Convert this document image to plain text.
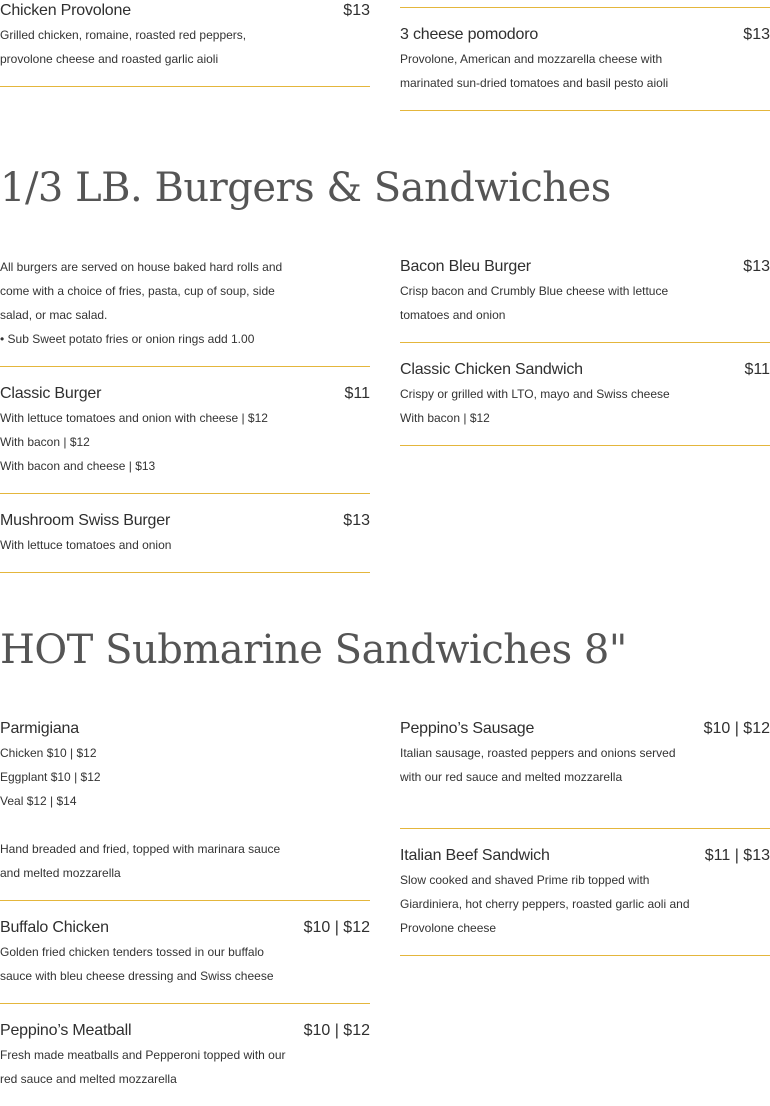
Chicken Provolone	$13

Grilled chicken, romaine, roasted red peppers,

provolone cheese and roasted garlic aioli

3 cheese pomodoro	$13

Provolone, American and mozzarella cheese with

marinated sun-dried tomatoes and basil pesto aioli

1/3 LB. Burgers & Sandwiches

All burgers are served on house baked hard rolls and

come with a choice of fries, pasta, cup of soup, side

salad, or mac salad.

• Sub Sweet potato fries or onion rings add 1.00

Classic Burger	$11

With lettuce tomatoes and onion with cheese | $12

With bacon | $12

With bacon and cheese | $13

Mushroom Swiss Burger	$13

With lettuce tomatoes and onion

Bacon Bleu Burger	$13

Crisp bacon and Crumbly Blue cheese with lettuce

tomatoes and onion

Classic Chicken Sandwich	$11

Crispy or grilled with LTO, mayo and Swiss cheese

With bacon | $12

HOT Submarine Sandwiches 8"
Parmigiana

Chicken $10 | $12

Eggplant $10 | $12

Veal $12 | $14

Hand breaded and fried, topped with marinara sauce

and melted mozzarella

Buffalo Chicken	$10 | $12

Golden fried chicken tenders tossed in our buffalo

sauce with bleu cheese dressing and Swiss cheese

Peppino’s Meatball	$10 | $12

Fresh made meatballs and Pepperoni topped with our

red sauce and melted mozzarella

Peppino’s Sausage	$10 | $12

Italian sausage, roasted peppers and onions served

with our red sauce and melted mozzarella

Italian Beef Sandwich	$11 | $13

Slow cooked and shaved Prime rib topped with

Giardiniera, hot cherry peppers, roasted garlic aoli and

Provolone cheese
